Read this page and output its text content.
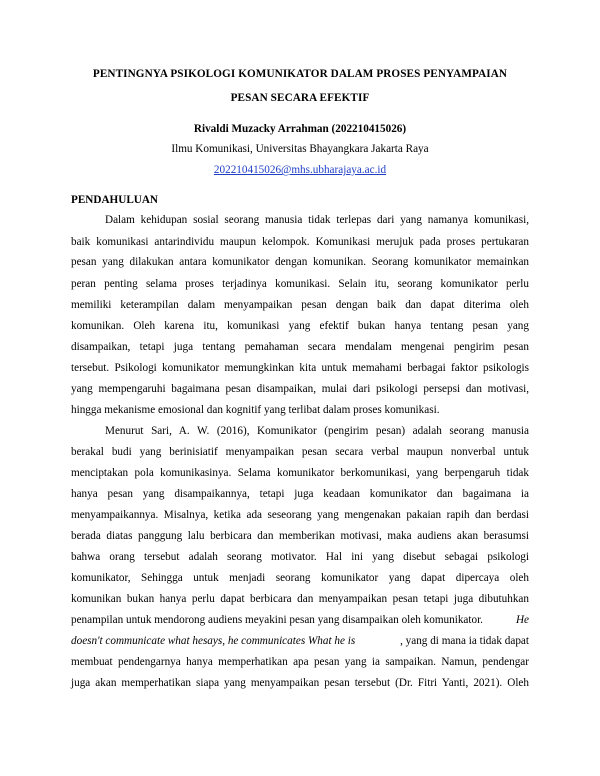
PENTINGNYA PSIKOLOGI KOMUNIKATOR DALAM PROSES PENYAMPAIAN
PESAN SECARA EFEKTIF
Rivaldi Muzacky Arrahman (202210415026)
Ilmu Komunikasi, Universitas Bhayangkara Jakarta Raya
202210415026@mhs.ubharajaya.ac.id
PENDAHULUAN
Dalam kehidupan sosial seorang manusia tidak terlepas dari yang namanya komunikasi,
baik komunikasi antarindividu maupun kelompok. Komunikasi merujuk pada proses pertukaran
pesan yang dilakukan antara komunikator dengan komunikan. Seorang komunikator memainkan
peran penting selama proses terjadinya komunikasi. Selain itu, seorang komunikator perlu
memiliki keterampilan dalam menyampaikan pesan dengan baik dan dapat diterima oleh
komunikan. Oleh karena itu, komunikasi yang efektif bukan hanya tentang pesan yang
disampaikan, tetapi juga tentang pemahaman secara mendalam mengenai pengirim pesan
tersebut. Psikologi komunikator memungkinkan kita untuk memahami berbagai faktor psikologis
yang mempengaruhi bagaimana pesan disampaikan, mulai dari psikologi persepsi dan motivasi,
hingga mekanisme emosional dan kognitif yang terlibat dalam proses komunikasi.
Menurut Sari, A. W. (2016), Komunikator (pengirim pesan) adalah seorang manusia
berakal budi yang berinisiatif menyampaikan pesan secara verbal maupun nonverbal untuk
menciptakan pola komunikasinya. Selama komunikator berkomunikasi, yang berpengaruh tidak
hanya pesan yang disampaikannya, tetapi juga keadaan komunikator dan bagaimana ia
menyampaikannya. Misalnya, ketika ada seseorang yang mengenakan pakaian rapih dan berdasi
berada diatas panggung lalu berbicara dan memberikan motivasi, maka audiens akan berasumsi
bahwa orang tersebut adalah seorang motivator. Hal ini yang disebut sebagai psikologi
komunikator, Sehingga untuk menjadi seorang komunikator yang dapat dipercaya oleh
komunikan bukan hanya perlu dapat berbicara dan menyampaikan pesan tetapi juga dibutuhkan
penampilan untuk mendorong audiens meyakini pesan yang disampaikan oleh komunikator.	He
doesn't communicate what hesays, he communicates What he is	, yang di mana ia tidak dapat
membuat pendengarnya hanya memperhatikan apa pesan yang ia sampaikan. Namun, pendengar
juga akan memperhatikan siapa yang menyampaikan pesan tersebut (Dr. Fitri Yanti, 2021). Oleh
